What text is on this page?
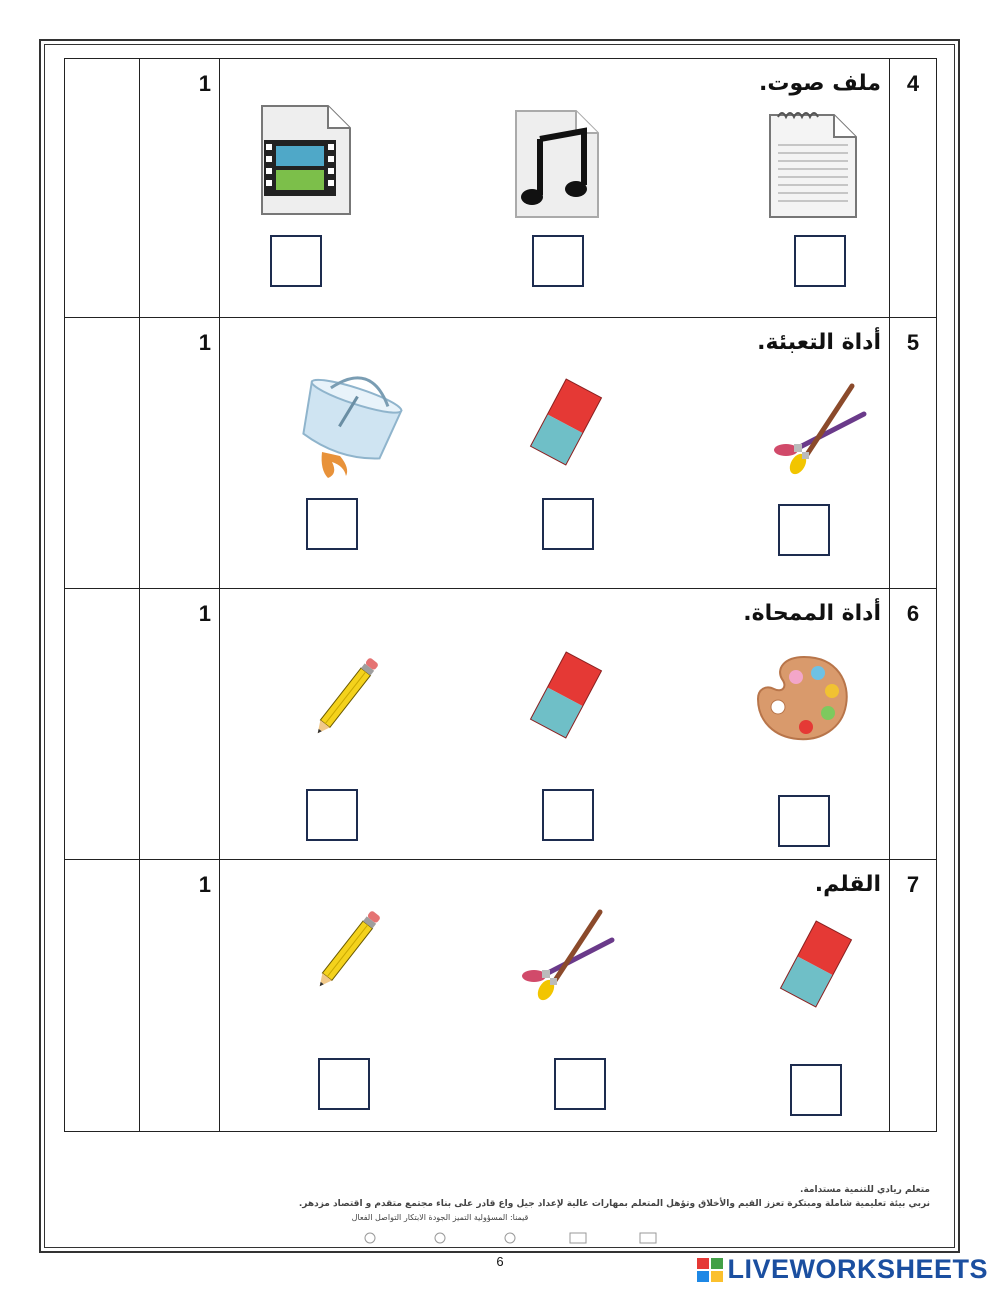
	1	ملف صوت.	4
	1	أداة التعبئة.	5
	1	أداة الممحاة.	6
	1	القلم.	7
متعلم ريادي للتنمية مستدامة.
نربي بيئة تعليمية شاملة ومبتكرة تعزز القيم والأخلاق وتؤهل المتعلم بمهارات عالية لإعداد جيل واع قادر على بناء مجتمع متقدم و اقتصاد مزدهر.
قيمنا: المسؤولية التميز الجودة الابتكار التواصل الفعال
6	LIVEWORKSHEETS
